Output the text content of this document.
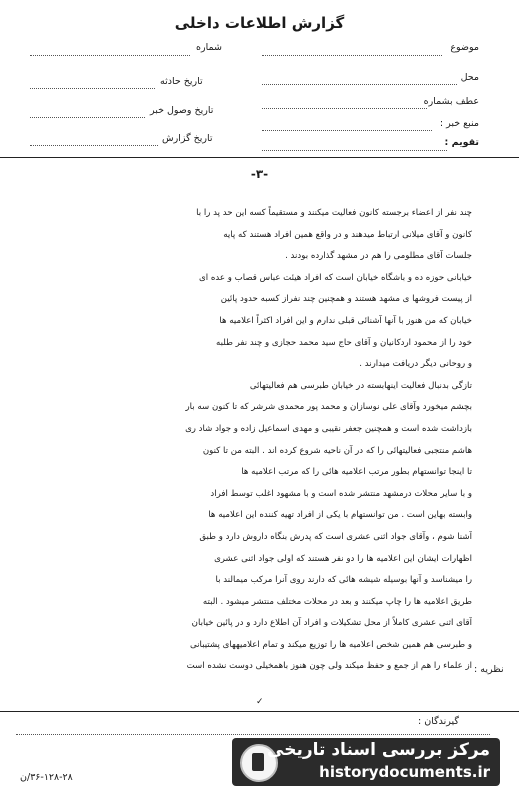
گزارش اطلاعات داخلی
موضوع
محل
عطف بشماره
منبع خبر :
تقویم :
شماره
تاریخ حادثه
تاریخ وصول خبر
تاریخ گزارش
-۳-

چند نفر از اعضاء برجسته کانون فعالیت میکنند و مستقیماً کسه این حد پد را با

کانون و آقای میلانی ارتباط میدهند و در واقع همین افراد هستند که پایه

جلسات آقای مطلومی را هم در مشهد گذارده بودند .

خیابانی حوزه ده و باشگاه خیابان است که افراد هیئت عباس قصاب و عده ای

از پیست فروشها ی مشهد هستند و همچنین چند نفراز کسبه حدود پائین

خیابان که من هنوز با آنها آشنائی قبلی ندارم و این افراد اکثراً اعلامیه ها

خود را از محمود اردکانیان و آقای حاج سید محمد حجازی و چند نفر طلبه

و روحانی دیگر دریافت میدارند .

تازگی بدنبال فعالیت اینهابسته در خیابان طبرسی هم فعالیتهائی

بچشم میخورد وآقای علی نوسازان و محمد پور محمدی شرشر که تا کنون سه بار

بازداشت شده است و همچنین جعفر نقیبی و مهدی اسماعیل زاده و جواد شاد ری

هاشم منتجبی فعالیتهائی را که در آن ناحیه شروع کرده اند . البته من تا کنون

تا اینجا توانستهام بطور مرتب اعلامیه هائی را که مرتب اعلامیه ها

و با سایر محلات درمشهد منتشر شده است و با مشهود اغلب توسط افراد

وابسته بهاین است . من توانستهام با یکی از افراد تهیه کننده این اعلامیه ها

آشنا شوم ، وآقای جواد اثنی عشری است که پدرش بنگاه داروش دارد و طبق

اظهارات ایشان این اعلامیه ها را دو نفر هستند که اولی جواد اثنی عشری

را میشناسد و آنها بوسیله شیشه هائی که دارند روی آنرا مرکب میمالند با

طریق اعلامیه ها را چاپ میکنند و بعد در محلات مختلف منتشر میشود . البته

آقای اثنی عشری کاملاً از محل تشکیلات و افراد آن اطلاع دارد و در پائین خیابان

و طبرسی هم همین شخص اعلامیه ها را توزیع میکند و تمام اعلامیههای پشتیبانی

از علماء را هم از جمع و حفظ میکند ولی چون هنوز باهمخیلی دوست نشده است نظریه :
✓
گیرندگان :
مرکز بررسی اسناد تاریخی
historydocuments.ir
۳۶-۱۲۸-۲۸/ن
